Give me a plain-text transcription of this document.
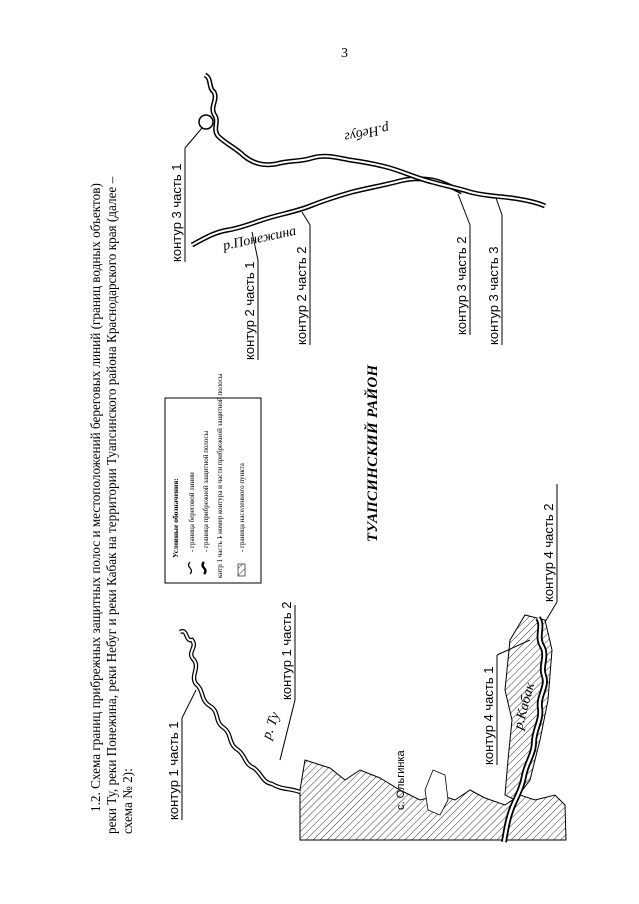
3
1.2. Схема границ прибрежных защитных полос и местоположений береговых линий (границ водных объектов) реки Ту, реки Понежина, реки Небуг и реки Кабак на территории Туапсинского района Краснодарского края (далее – схема № 2):
Условные обозначения: - граница береговой линии - граница прибрежной защитной полосы
кнтр 1 часть 1
- номер контура и части прибрежной защитной полосы - граница населенного пункта
контур 1 часть 1
контур 1 часть 2
контур 2 часть 1	контур 2 часть 2
контур 3 часть 1
контур 3 часть 2 контур 3 часть 3
контур 4 часть 1
контур 4 часть 2
р. Ту
р.Понежина
р.Небуг
р.Кабак
ТУАПСИНСКИЙ РАЙОН
с. Ольгинка
